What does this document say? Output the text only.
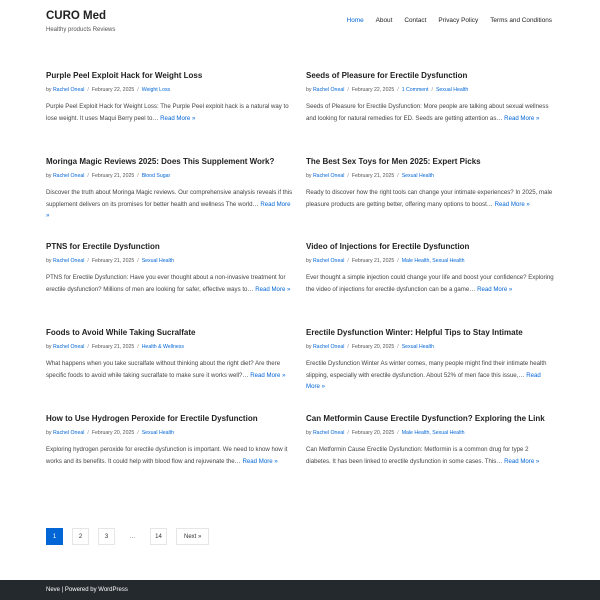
CURO Med
Healthy products Reviews
Home About Contact Privacy Policy Terms and Conditions
Purple Peel Exploit Hack for Weight Loss
by Rachel Oneal / February 22, 2025 / Weight Loss

Purple Peel Exploit Hack for Weight Loss: The Purple Peel exploit hack is a natural way to lose weight. It uses Maqui Berry peel to… Read More »

Moringa Magic Reviews 2025: Does This Supplement Work?
by Rachel Oneal / February 21, 2025 / Blood Sugar

Discover the truth about Moringa Magic reviews. Our comprehensive analysis reveals if this supplement delivers on its promises for better health and wellness The world… Read More »

PTNS for Erectile Dysfunction
by Rachel Oneal / February 21, 2025 / Sexual Health

PTNS for Erectile Dysfunction: Have you ever thought about a non-invasive treatment for erectile dysfunction? Millions of men are looking for safer, effective ways to… Read More »

Foods to Avoid While Taking Sucralfate
by Rachel Oneal / February 21, 2025 / Health & Wellness

What happens when you take sucralfate without thinking about the right diet? Are there specific foods to avoid while taking sucralfate to make sure it works well?… Read More »

How to Use Hydrogen Peroxide for Erectile Dysfunction
by Rachel Oneal / February 20, 2025 / Sexual Health

Exploring hydrogen peroxide for erectile dysfunction is important. We need to know how it works and its benefits. It could help with blood flow and rejuvenate the… Read More »

Seeds of Pleasure for Erectile Dysfunction
by Rachel Oneal / February 22, 2025 / 1 Comment / Sexual Health

Seeds of Pleasure for Erectile Dysfunction: More people are talking about sexual wellness and looking for natural remedies for ED. Seeds are getting attention as… Read More »

The Best Sex Toys for Men 2025: Expert Picks
by Rachel Oneal / February 21, 2025 / Sexual Health

Ready to discover how the right tools can change your intimate experiences? In 2025, male pleasure products are getting better, offering many options to boost… Read More »

Video of Injections for Erectile Dysfunction
by Rachel Oneal / February 21, 2025 / Male Health, Sexual Health

Ever thought a simple injection could change your life and boost your confidence? Exploring the video of injections for erectile dysfunction can be a game… Read More »

Erectile Dysfunction Winter: Helpful Tips to Stay Intimate
by Rachel Oneal / February 20, 2025 / Sexual Health

Erectile Dysfunction Winter As winter comes, many people might find their intimate health slipping, especially with erectile dysfunction. About 52% of men face this issue,… Read More »

Can Metformin Cause Erectile Dysfunction? Exploring the Link
by Rachel Oneal / February 20, 2025 / Male Health, Sexual Health

Can Metformin Cause Erectile Dysfunction: Metformin is a common drug for type 2 diabetes. It has been linked to erectile dysfunction in some cases. This… Read More »

1	2	3	…	14	Next »
Neve | Powered by WordPress
